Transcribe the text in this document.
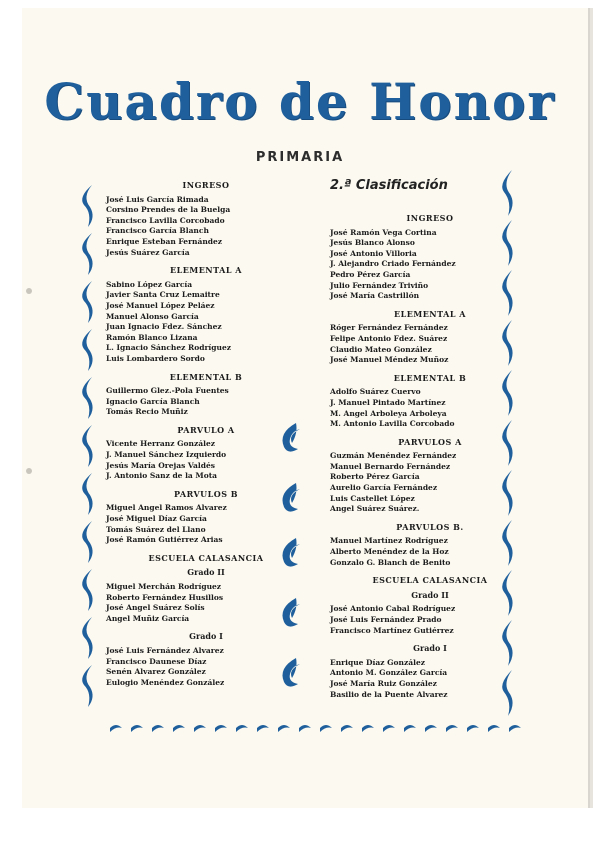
Cuadro de Honor
PRIMARIA
2.ª Clasificación
INGRESO
José Luis García Rimada
Corsino Prendes de la Buelga
Francisco Lavilla Corcobado
Francisco García Blanch
Enrique Esteban Fernández
Jesús Suárez García
ELEMENTAL A
Sabino López García
Javier Santa Cruz Lemaitre
José Manuel López Peláez
Manuel Alonso García
Juan Ignacio Fdez. Sánchez
Ramón Blanco Lizana
L. Ignacio Sánchez Rodríguez
Luis Lombardero Sordo
ELEMENTAL B
Guillermo Glez.-Pola Fuentes
Ignacio García Blanch
Tomás Recio Muñiz
PARVULO A
Vicente Herranz González
J. Manuel Sánchez Izquierdo
Jesús María Orejas Valdés
J. Antonio Sanz de la Mota
PARVULOS B
Miguel Angel Ramos Alvarez
José Miguel Díaz García
Tomás Suárez del Llano
José Ramón Gutiérrez Arias
ESCUELA CALASANCIA
Grado II
Miguel Merchán Rodríguez
Roberto Fernández Husillos
José Angel Suárez Solís
Angel Muñiz García
Grado I
José Luis Fernández Alvarez
Francisco Daunese Díaz
Senén Alvarez González
Eulogio Menéndez González
INGRESO
José Ramón Vega Cortina
Jesús Blanco Alonso
José Antonio Villoria
J. Alejandro Criado Fernández
Pedro Pérez García
Julio Fernández Triviño
José María Castrillón
ELEMENTAL A
Róger Fernández Fernández
Felipe Antonio Fdez. Suárez
Claudio Mateo González
José Manuel Méndez Muñoz
ELEMENTAL B
Adolfo Suárez Cuervo
J. Manuel Pintado Martínez
M. Angel Arboleya Arboleya
M. Antonio Lavilla Corcobado
PARVULOS A
Guzmán Menéndez Fernández
Manuel Bernardo Fernández
Roberto Pérez García
Aurelio García Fernández
Luis Castellet López
Angel Suárez Suárez.
PARVULOS B.
Manuel Martínez Rodríguez
Alberto Menéndez de la Hoz
Gonzalo G. Blanch de Benito
ESCUELA CALASANCIA
Grado II
José Antonio Cabal Rodríguez
José Luis Fernández Prado
Francisco Martínez Gutiérrez
Grado I
Enrique Díaz González
Antonio M. González García
José María Ruiz González
Basilio de la Puente Alvarez
